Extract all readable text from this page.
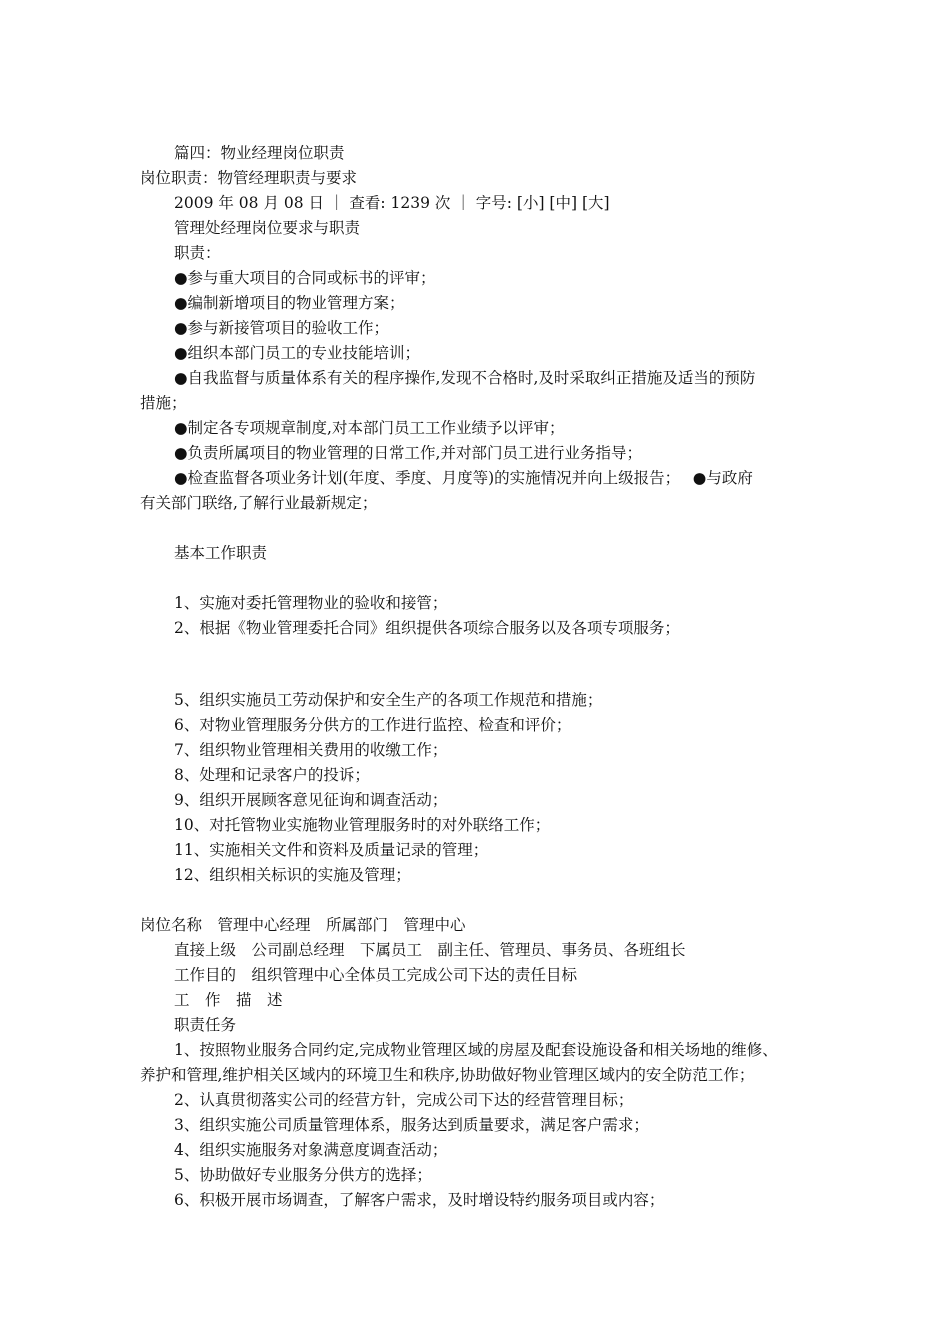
篇四：物业经理岗位职责
岗位职责：物管经理职责与要求
2009 年 08 月 08 日 ｜ 查看: 1239 次 ｜ 字号: [小] [中] [大]
管理处经理岗位要求与职责
职责：
●参与重大项目的合同或标书的评审；
●编制新增项目的物业管理方案；
●参与新接管项目的验收工作；
●组织本部门员工的专业技能培训；
●自我监督与质量体系有关的程序操作,发现不合格时,及时采取纠正措施及适当的预防
措施；
●制定各专项规章制度,对本部门员工工作业绩予以评审；
●负责所属项目的物业管理的日常工作,并对部门员工进行业务指导；
●检查监督各项业务计划(年度、季度、月度等)的实施情况并向上级报告；　 ●与政府
有关部门联络,了解行业最新规定；
基本工作职责
1、实施对委托管理物业的验收和接管；
2、根据《物业管理委托合同》组织提供各项综合服务以及各项专项服务；
5、组织实施员工劳动保护和安全生产的各项工作规范和措施；
6、对物业管理服务分供方的工作进行监控、检查和评价；
7、组织物业管理相关费用的收缴工作；
8、处理和记录客户的投诉；
9、组织开展顾客意见征询和调查活动；
10、对托管物业实施物业管理服务时的对外联络工作；
11、实施相关文件和资料及质量记录的管理；
12、组织相关标识的实施及管理；
岗位名称　管理中心经理　所属部门　管理中心
直接上级　公司副总经理　下属员工　副主任、管理员、事务员、各班组长
工作目的　组织管理中心全体员工完成公司下达的责任目标
工　作　描　述
职责任务
1、按照物业服务合同约定,完成物业管理区域的房屋及配套设施设备和相关场地的维修、
养护和管理,维护相关区域内的环境卫生和秩序,协助做好物业管理区域内的安全防范工作；
2、认真贯彻落实公司的经营方针，完成公司下达的经营管理目标；
3、组织实施公司质量管理体系，服务达到质量要求，满足客户需求；
4、组织实施服务对象满意度调查活动；
5、协助做好专业服务分供方的选择；
6、积极开展市场调查，了解客户需求，及时增设特约服务项目或内容；
